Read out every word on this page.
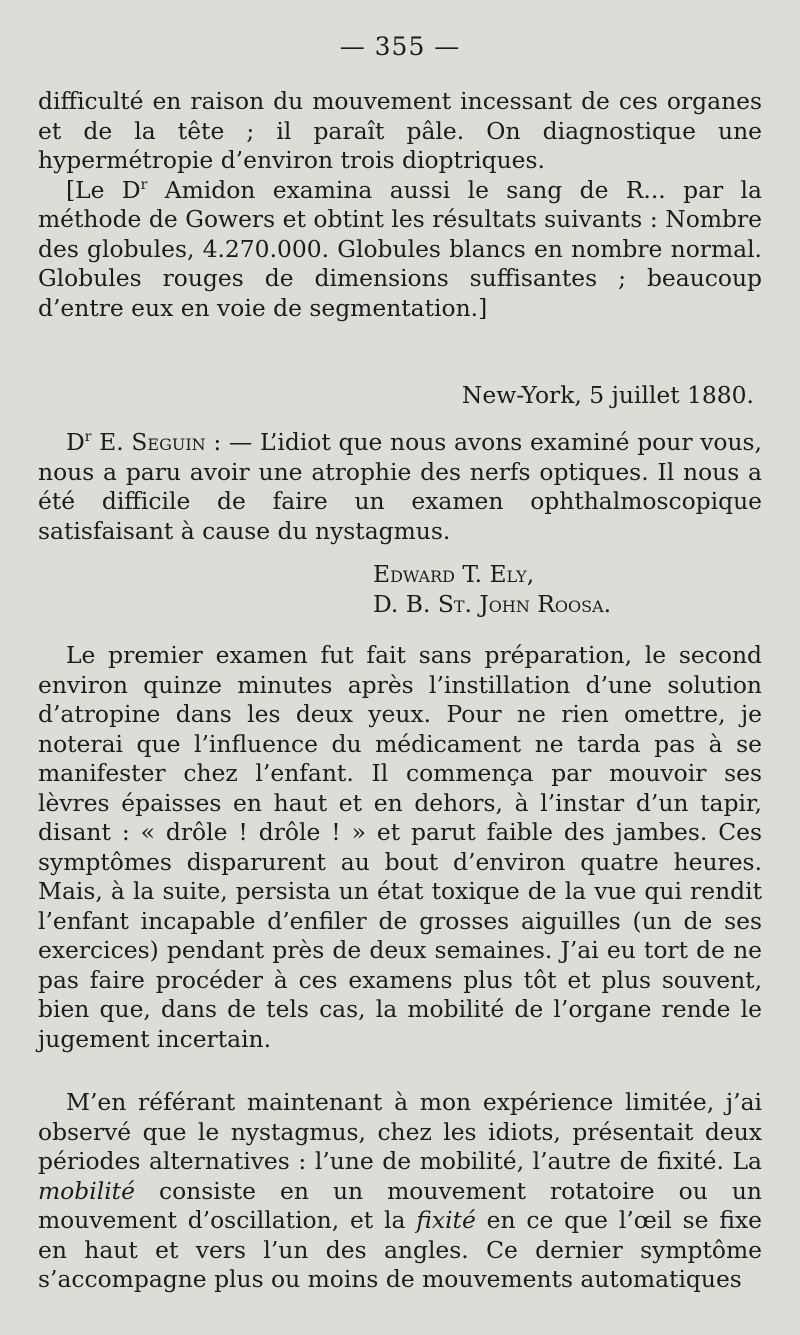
— 355 —

difficulté en raison du mouvement incessant de ces organes et de la tête ; il paraît pâle. On diagnostique une hypermétropie d’environ trois dioptriques.

[Le $D^r$ Amidon examina aussi le sang de R... par la méthode de Gowers et obtint les résultats suivants : Nombre des globules, 4.270.000. Globules blancs en nombre normal. Globules rouges de dimensions suffisantes ; beaucoup d’entre eux en voie de segmentation.]

New-York, 5 juillet 1880.

$D^r$ E. Seguin : — L’idiot que nous avons examiné pour vous, nous a paru avoir une atrophie des nerfs optiques. Il nous a été difficile de faire un examen ophthalmoscopique satisfaisant à cause du nystagmus.

Edward T. Ely,
D. B. St. John Roosa.

Le premier examen fut fait sans préparation, le second environ quinze minutes après l’instillation d’une solution d’atropine dans les deux yeux. Pour ne rien omettre, je noterai que l’influence du médicament ne tarda pas à se manifester chez l’enfant. Il commença par mouvoir ses lèvres épaisses en haut et en dehors, à l’instar d’un tapir, disant : « drôle ! drôle ! » et parut faible des jambes. Ces symptômes disparurent au bout d’environ quatre heures. Mais, à la suite, persista un état toxique de la vue qui rendit l’enfant incapable d’enfiler de grosses aiguilles (un de ses exercices) pendant près de deux semaines. J’ai eu tort de ne pas faire procéder à ces examens plus tôt et plus souvent, bien que, dans de tels cas, la mobilité de l’organe rende le jugement incertain.

M’en référant maintenant à mon expérience limitée, j’ai observé que le nystagmus, chez les idiots, présentait deux périodes alternatives : l’une de mobilité, l’autre de fixité. La mobilité consiste en un mouvement rotatoire ou un mouvement d’oscillation, et la fixité en ce que l’œil se fixe en haut et vers l’un des angles. Ce dernier symptôme s’accompagne plus ou moins de mouvements automatiques
